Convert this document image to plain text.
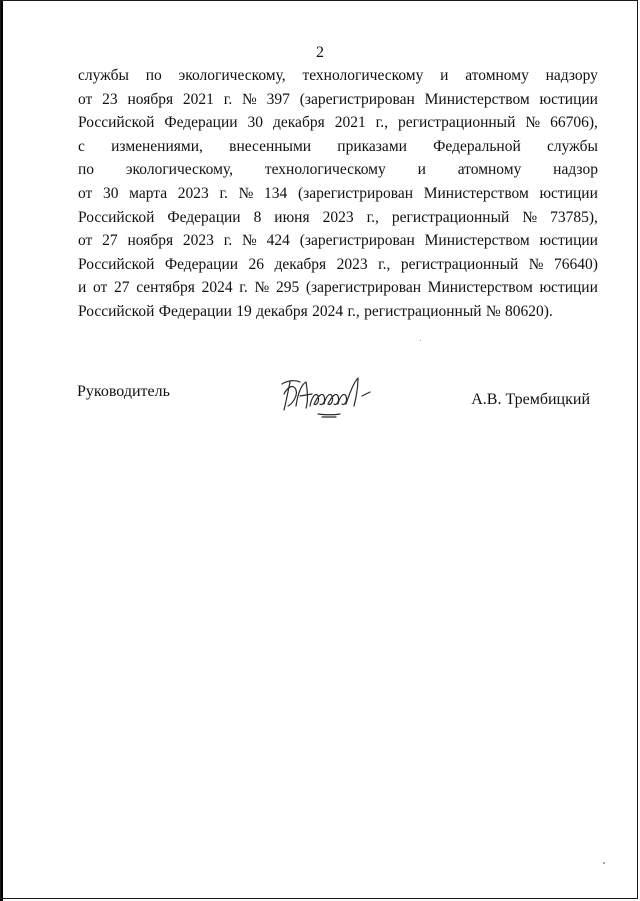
2
службы по экологическому, технологическому и атомному надзору
от 23 ноября 2021 г. № 397 (зарегистрирован Министерством юстиции
Российской Федерации 30 декабря 2021 г., регистрационный № 66706),
с изменениями, внесенными приказами Федеральной службы
по экологическому, технологическому и атомному надзор
от 30 марта 2023 г. № 134 (зарегистрирован Министерством юстиции
Российской Федерации 8 июня 2023 г., регистрационный № 73785),
от 27 ноября 2023 г. № 424 (зарегистрирован Министерством юстиции
Российской Федерации 26 декабря 2023 г., регистрационный № 76640)
и от 27 сентября 2024 г. № 295 (зарегистрирован Министерством юстиции
Российской Федерации 19 декабря 2024 г., регистрационный № 80620).
Руководитель	А.В. Трембицкий
